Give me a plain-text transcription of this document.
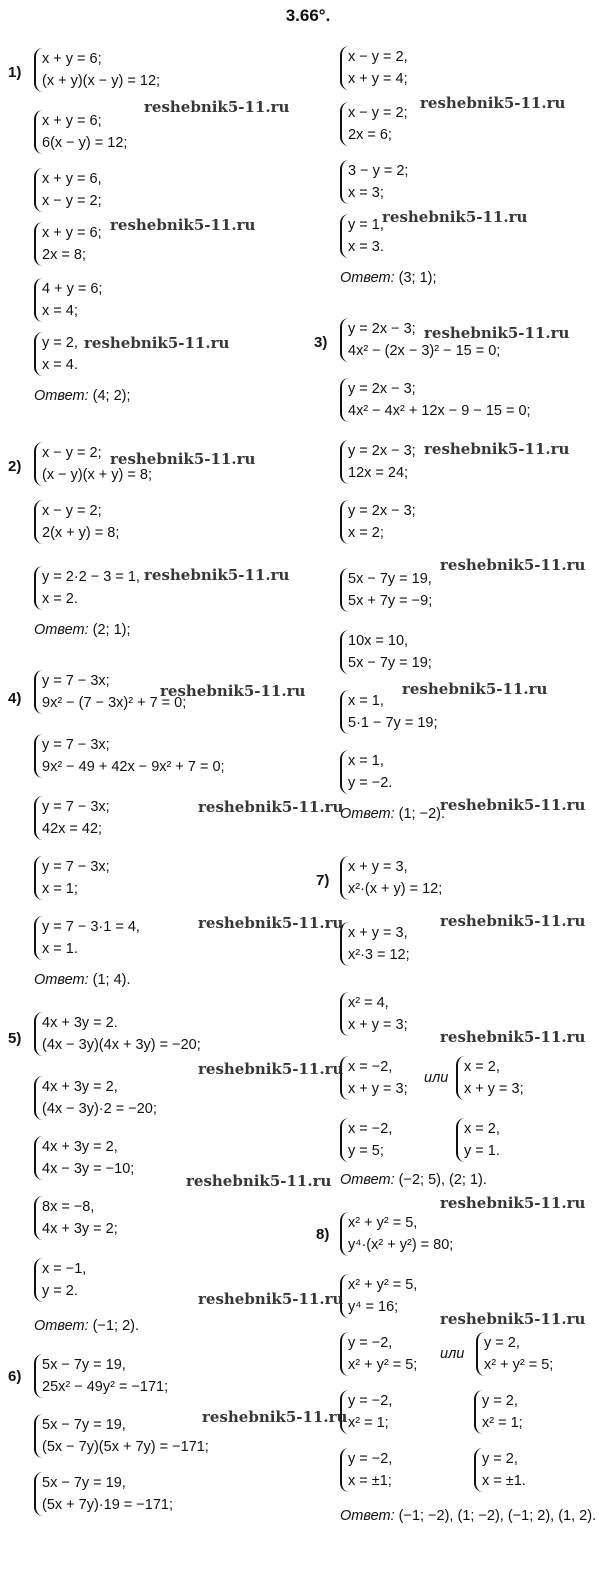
3.66°.
1)
x + y = 6;
(x + y)(x − y) = 12;
x + y = 6;
6(x − y) = 12;
x + y = 6,
x − y = 2;
x + y = 6;
2x = 8;
4 + y = 6;
x = 4;
y = 2,
x = 4.
Ответ: (4; 2);
2)
x − y = 2;
(x − y)(x + y) = 8;
x − y = 2;
2(x + y) = 8;
y = 2·2 − 3 = 1,
x = 2.
Ответ: (2; 1);
x − y = 2,
x + y = 4;
x − y = 2;
2x = 6;
3 − y = 2;
x = 3;
y = 1,
x = 3.
Ответ: (3; 1);
3)
y = 2x − 3;
4x² − (2x − 3)² − 15 = 0;
y = 2x − 3;
4x² − 4x² + 12x − 9 − 15 = 0;
y = 2x − 3;
12x = 24;
y = 2x − 3;
x = 2;
5x − 7y = 19,
5x + 7y = −9;
10x = 10,
5x − 7y = 19;
x = 1,
5·1 − 7y = 19;
x = 1,
y = −2.
Ответ: (1; −2).
4)
y = 7 − 3x;
9x² − (7 − 3x)² + 7 = 0;
y = 7 − 3x;
9x² − 49 + 42x − 9x² + 7 = 0;
y = 7 − 3x;
42x = 42;
y = 7 − 3x;
x = 1;
y = 7 − 3·1 = 4,
x = 1.
Ответ: (1; 4).
5)
4x + 3y = 2.
(4x − 3y)(4x + 3y) = −20;
4x + 3y = 2,
(4x − 3y)·2 = −20;
4x + 3y = 2,
4x − 3y = −10;
8x = −8,
4x + 3y = 2;
x = −1,
y = 2.
Ответ: (−1; 2).
6)
5x − 7y = 19,
25x² − 49y² = −171;
5x − 7y = 19,
(5x − 7y)(5x + 7y) = −171;
5x − 7y = 19,
(5x + 7y)·19 = −171;
7)
x + y = 3,
x²·(x + y) = 12;
x + y = 3,
x²·3 = 12;
x² = 4,
x + y = 3;
x = −2,
x + y = 3;
или
x = 2,
x + y = 3;
x = −2,
y = 5;
x = 2,
y = 1.
Ответ: (−2; 5), (2; 1).
8)
x² + y² = 5,
y⁴·(x² + y²) = 80;
x² + y² = 5,
y⁴ = 16;
y = −2,
x² + y² = 5;
или
y = 2,
x² + y² = 5;
y = −2,
x² = 1;
y = 2,
x² = 1;
y = −2,
x = ±1;
y = 2,
x = ±1.
Ответ: (−1; −2), (1; −2), (−1; 2), (1, 2).
reshebnik5-11.ru
reshebnik5-11.ru
reshebnik5-11.ru
reshebnik5-11.ru
reshebnik5-11.ru
reshebnik5-11.ru
reshebnik5-11.ru
reshebnik5-11.ru
reshebnik5-11.ru
reshebnik5-11.ru
reshebnik5-11.ru
reshebnik5-11.ru
reshebnik5-11.ru
reshebnik5-11.ru
reshebnik5-11.ru
reshebnik5-11.ru
reshebnik5-11.ru
reshebnik5-11.ru
reshebnik5-11.ru
reshebnik5-11.ru
reshebnik5-11.ru
reshebnik5-11.ru
reshebnik5-11.ru
